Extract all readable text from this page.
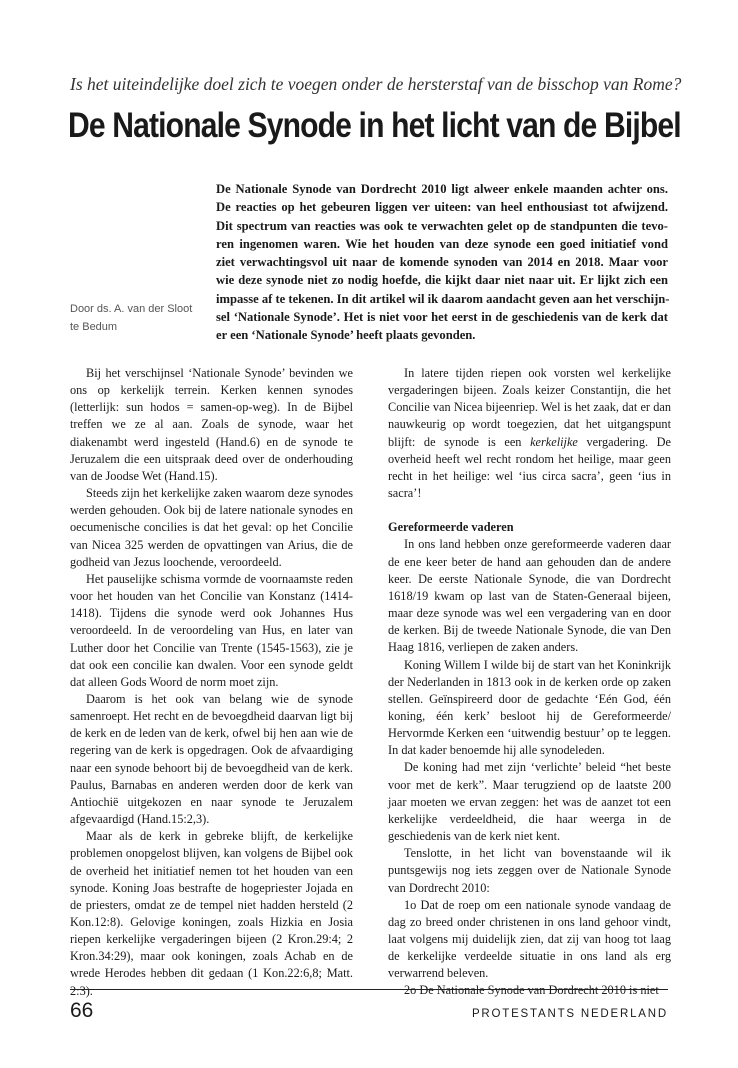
Is het uiteindelijke doel zich te voegen onder de hersterstaf van de bisschop van Rome?
De Nationale Synode in het licht van de Bijbel
De Nationale Synode van Dordrecht 2010 ligt alweer enkele maanden achter ons.
De reacties op het gebeuren liggen ver uiteen: van heel enthousiast tot afwijzend.
Dit spectrum van reacties was ook te verwachten gelet op de standpunten die tevo-
ren ingenomen waren. Wie het houden van deze synode een goed initiatief vond
ziet verwachtingsvol uit naar de komende synoden van 2014 en 2018. Maar voor
wie deze synode niet zo nodig hoefde, die kijkt daar niet naar uit. Er lijkt zich een
impasse af te tekenen. In dit artikel wil ik daarom aandacht geven aan het verschijn-
sel ‘Nationale Synode’. Het is niet voor het eerst in de geschiedenis van de kerk dat
er een ‘Nationale Synode’ heeft plaats gevonden.
Door ds. A. van der Sloot
te Bedum

Bij het verschijnsel ‘Nationale Synode’ bevinden we ons op kerkelijk terrein. Kerken kennen synodes (letterlijk: sun hodos = samen-op-weg). In de Bijbel treffen we ze al aan. Zoals de synode, waar het diakenambt werd ingesteld (Hand.6) en de synode te Jeruzalem die een uitspraak deed over de onderhouding van de Joodse Wet (Hand.15).

Steeds zijn het kerkelijke zaken waarom deze synodes werden gehouden. Ook bij de latere nationale synodes en oecumenische concilies is dat het geval: op het Concilie van Nicea 325 werden de opvattingen van Arius, die de godheid van Jezus loochende, veroordeeld.

Het pauselijke schisma vormde de voornaamste reden voor het houden van het Concilie van Konstanz (1414-1418). Tijdens die synode werd ook Johannes Hus veroordeeld. In de veroordeling van Hus, en later van Luther door het Concilie van Trente (1545-1563), zie je dat ook een concilie kan dwalen. Voor een synode geldt dat alleen Gods Woord de norm moet zijn.

Daarom is het ook van belang wie de synode samenroept. Het recht en de bevoegdheid daarvan ligt bij de kerk en de leden van de kerk, ofwel bij hen aan wie de regering van de kerk is opgedragen. Ook de afvaardiging naar een synode behoort bij de bevoegdheid van de kerk. Paulus, Barnabas en anderen werden door de kerk van Antiochië uitgekozen en naar synode te Jeruzalem afgevaardigd (Hand.15:2,3).

Maar als de kerk in gebreke blijft, de kerkelijke problemen onopgelost blijven, kan volgens de Bijbel ook de overheid het initiatief nemen tot het houden van een synode. Koning Joas bestrafte de hogepriester Jojada en de priesters, omdat ze de tempel niet hadden hersteld (2 Kon.12:8). Gelovige koningen, zoals Hizkia en Josia riepen kerkelijke vergaderingen bijeen (2 Kron.29:4; 2 Kron.34:29), maar ook koningen, zoals Achab en de wrede Herodes hebben dit gedaan (1 Kon.22:6,8; Matt. 2:3).

In latere tijden riepen ook vorsten wel kerkelijke vergaderingen bijeen. Zoals keizer Constantijn, die het Concilie van Nicea bijeenriep. Wel is het zaak, dat er dan nauwkeurig op wordt toegezien, dat het uitgangspunt blijft: de synode is een kerkelijke vergadering. De overheid heeft wel recht rondom het heilige, maar geen recht in het heilige: wel ‘ius circa sacra’, geen ‘ius in sacra’!

Gereformeerde vaderen

In ons land hebben onze gereformeerde vaderen daar de ene keer beter de hand aan gehouden dan de andere keer. De eerste Nationale Synode, die van Dordrecht 1618/19 kwam op last van de Staten-Generaal bijeen, maar deze synode was wel een vergadering van en door de kerken. Bij de tweede Nationale Synode, die van Den Haag 1816, verliepen de zaken anders.

Koning Willem I wilde bij de start van het Koninkrijk der Nederlanden in 1813 ook in de kerken orde op zaken stellen. Geïnspireerd door de gedachte ‘Eén God, één koning, één kerk’ besloot hij de Gereformeerde/ Hervormde Kerken een ‘uitwendig bestuur’ op te leggen. In dat kader benoemde hij alle synodeleden.

De koning had met zijn ‘verlichte’ beleid “het beste voor met de kerk”. Maar terugziend op de laatste 200 jaar moeten we ervan zeggen: het was de aanzet tot een kerkelijke verdeeldheid, die haar weerga in de geschiedenis van de kerk niet kent.

Tenslotte, in het licht van bovenstaande wil ik puntsgewijs nog iets zeggen over de Nationale Synode van Dordrecht 2010:

1o Dat de roep om een nationale synode vandaag de dag zo breed onder christenen in ons land gehoor vindt, laat volgens mij duidelijk zien, dat zij van hoog tot laag de kerkelijke verdeelde situatie in ons land als erg verwarrend beleven.

2o De Nationale Synode van Dordrecht 2010 is niet

66	PROTESTANTS NEDERLAND
